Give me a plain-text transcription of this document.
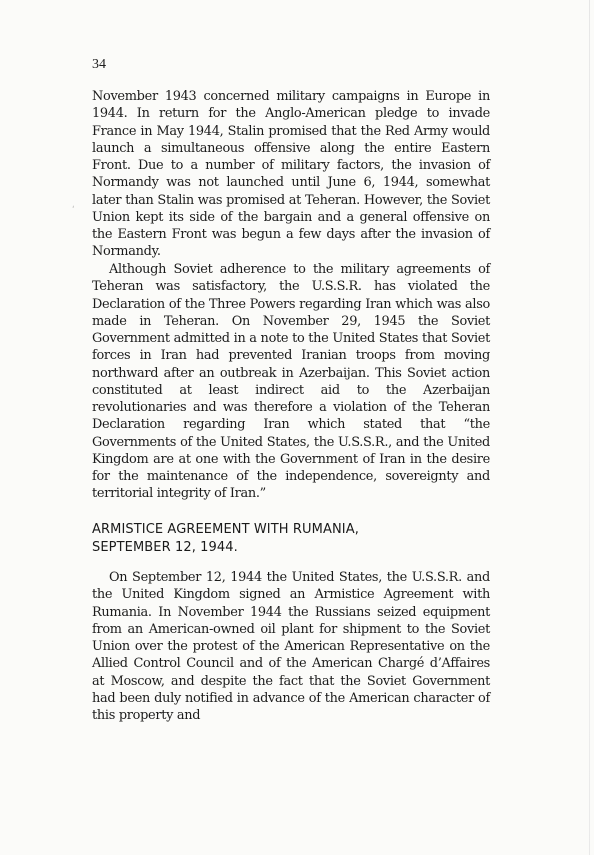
34
ʹ

November 1943 concerned military campaigns in Europe in 1944. In return for the Anglo-American pledge to invade France in May 1944, Stalin promised that the Red Army would launch a simultaneous offensive along the entire Eastern Front. Due to a number of military factors, the invasion of Normandy was not launched until June 6, 1944, somewhat later than Stalin was promised at Teheran. However, the Soviet Union kept its side of the bargain and a general offensive on the Eastern Front was begun a few days after the invasion of Normandy.

Although Soviet adherence to the military agreements of Teheran was satisfactory, the U.S.S.R. has violated the Declaration of the Three Powers regarding Iran which was also made in Teheran. On November 29, 1945 the Soviet Government admitted in a note to the United States that Soviet forces in Iran had prevented Iranian troops from moving northward after an outbreak in Azerbaijan. This Soviet action constituted at least indirect aid to the Azerbaijan revolutionaries and was therefore a violation of the Teheran Declaration regarding Iran which stated that “the Governments of the United States, the U.S.S.R., and the United Kingdom are at one with the Government of Iran in the desire for the maintenance of the independence, sovereignty and territorial integrity of Iran.”

ARMISTICE AGREEMENT WITH RUMANIA,
SEPTEMBER 12, 1944.

On September 12, 1944 the United States, the U.S.S.R. and the United Kingdom signed an Armistice Agreement with Rumania. In November 1944 the Russians seized equipment from an American-owned oil plant for shipment to the Soviet Union over the protest of the American Representative on the Allied Control Council and of the American Chargé d’Affaires at Moscow, and despite the fact that the Soviet Government had been duly notified in advance of the American character of this property and
